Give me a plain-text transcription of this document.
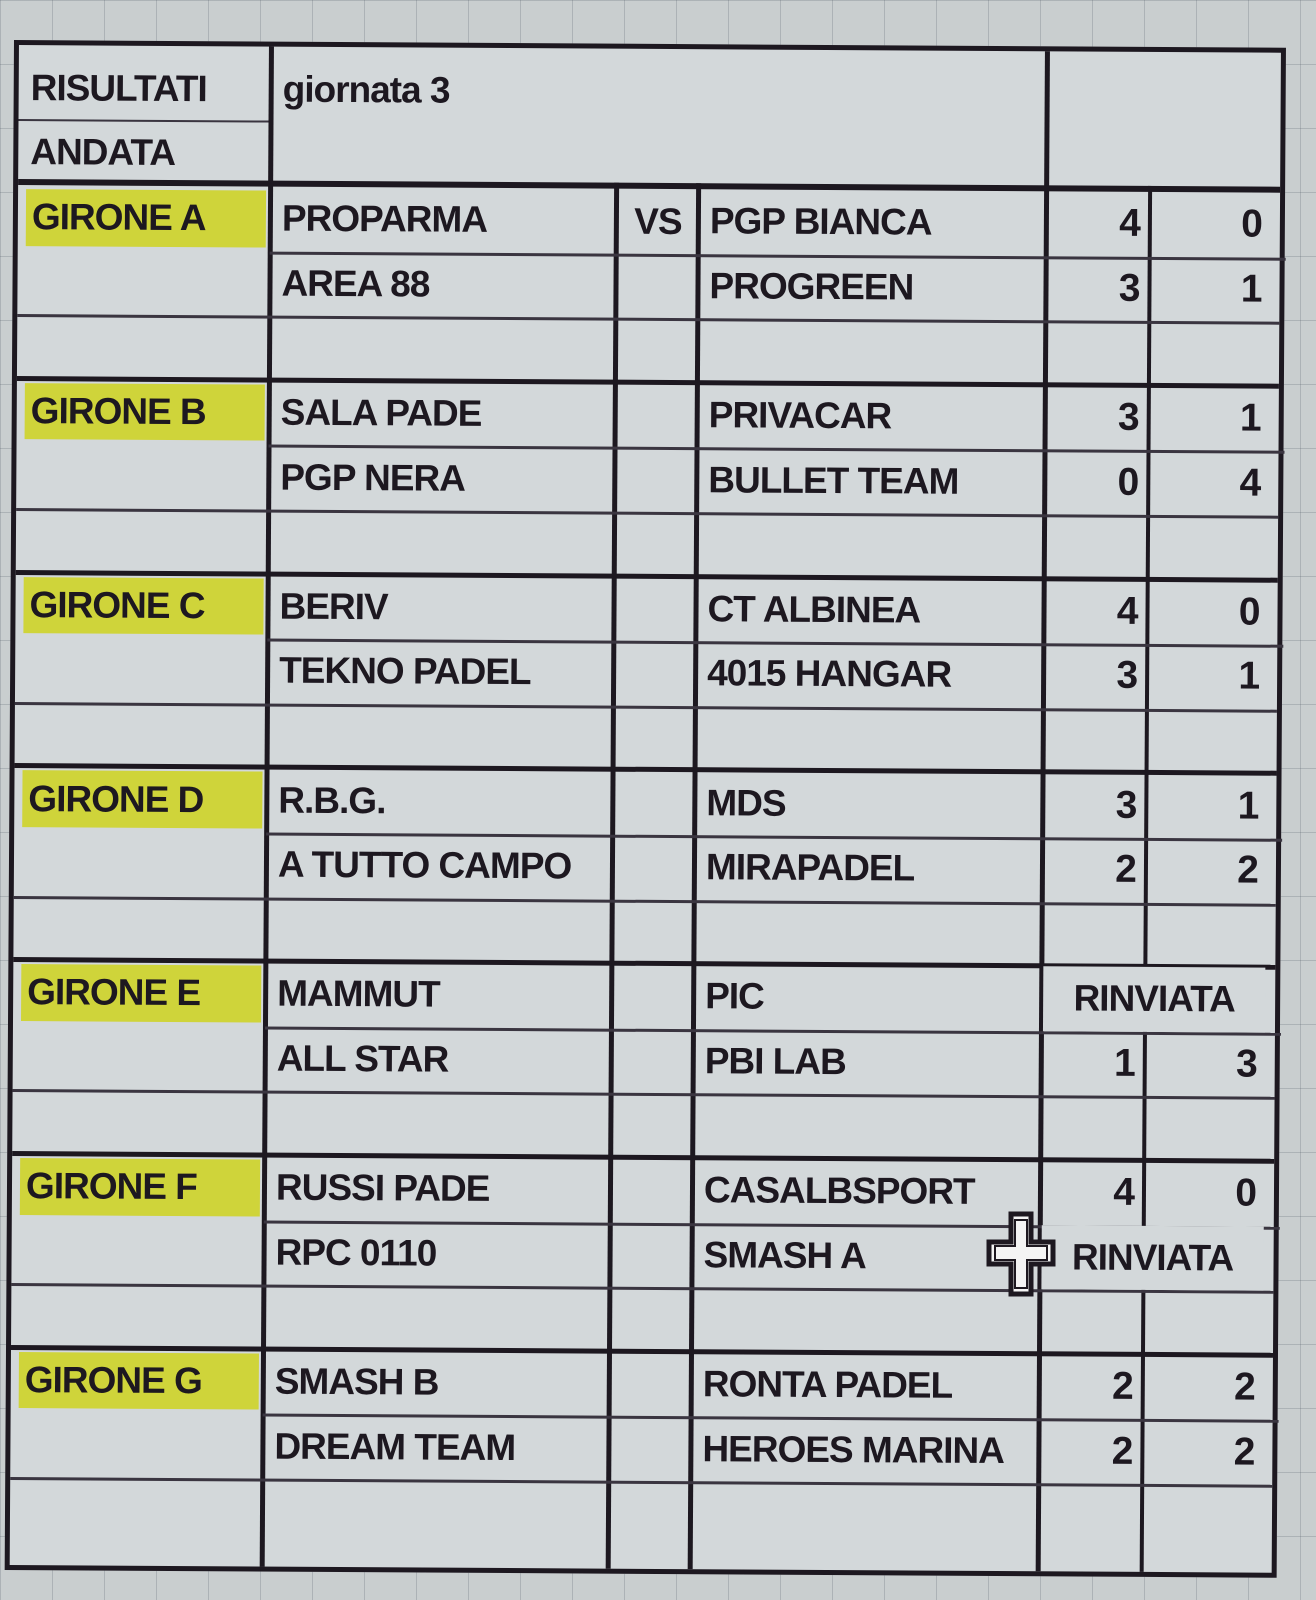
RISULTATI	giornata 3
ANDATA
VS
GIRONE A	PROPARMA	PGP BIANCA	4	0
AREA 88	PROGREEN	3	1
GIRONE B	SALA PADE	PRIVACAR	3	1
PGP NERA	BULLET TEAM	0	4
GIRONE C	BERIV	CT ALBINEA	4	0
TEKNO PADEL	4015 HANGAR	3	1
GIRONE D	R.B.G.	MDS	3	1
A TUTTO CAMPO	MIRAPADEL	2	2
GIRONE E	MAMMUT	PIC	RINVIATA
ALL STAR	PBI LAB	1	3
GIRONE F	RUSSI PADE	CASALBSPORT	4	0
RPC 0110	SMASH A	RINVIATA
GIRONE G	SMASH B	RONTA PADEL	2	2
DREAM TEAM	HEROES MARINA	2	2
